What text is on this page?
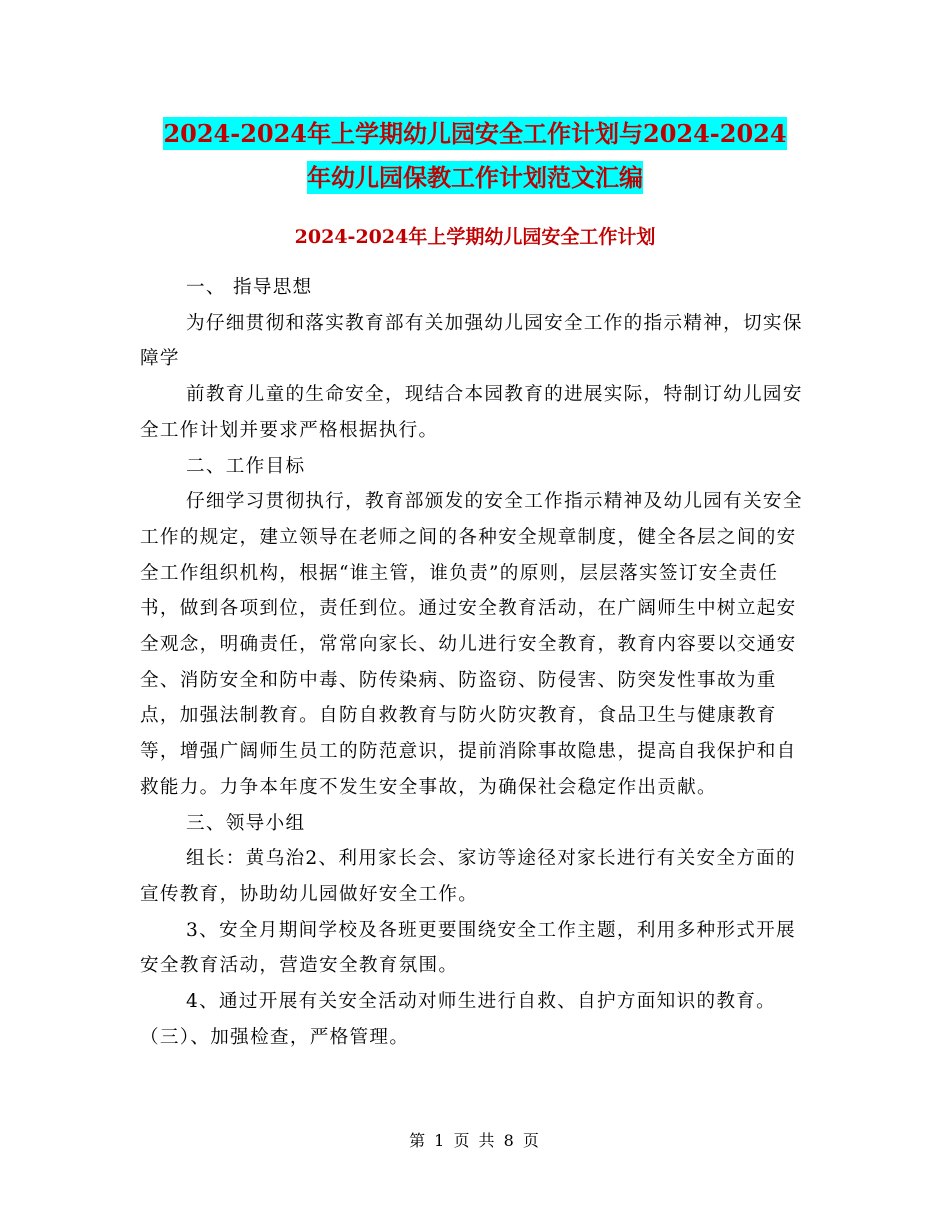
2024-2024年上学期幼儿园安全工作计划与2024-2024
年幼儿园保教工作计划范文汇编
2024-2024年上学期幼儿园安全工作计划

一、 指导思想

为仔细贯彻和落实教育部有关加强幼儿园安全工作的指示精神，切实保障学

前教育儿童的生命安全，现结合本园教育的进展实际，特制订幼儿园安全工作计划并要求严格根据执行。

二、工作目标

仔细学习贯彻执行，教育部颁发的安全工作指示精神及幼儿园有关安全工作的规定，建立领导在老师之间的各种安全规章制度，健全各层之间的安全工作组织机构，根据“谁主管，谁负责”的原则，层层落实签订安全责任书，做到各项到位，责任到位。通过安全教育活动，在广阔师生中树立起安全观念，明确责任，常常向家长、幼儿进行安全教育，教育内容要以交通安全、消防安全和防中毒、防传染病、防盗窃、防侵害、防突发性事故为重点，加强法制教育。自防自救教育与防火防灾教育，食品卫生与健康教育等，增强广阔师生员工的防范意识，提前消除事故隐患，提高自我保护和自救能力。力争本年度不发生安全事故，为确保社会稳定作出贡献。

三、领导小组

组长：黄乌治2、利用家长会、家访等途径对家长进行有关安全方面的宣传教育，协助幼儿园做好安全工作。

3、安全月期间学校及各班更要围绕安全工作主题，利用多种形式开展安全教育活动，营造安全教育氛围。

4、通过开展有关安全活动对师生进行自救、自护方面知识的教育。

（三）、加强检查，严格管理。

第 1 页 共 8 页
